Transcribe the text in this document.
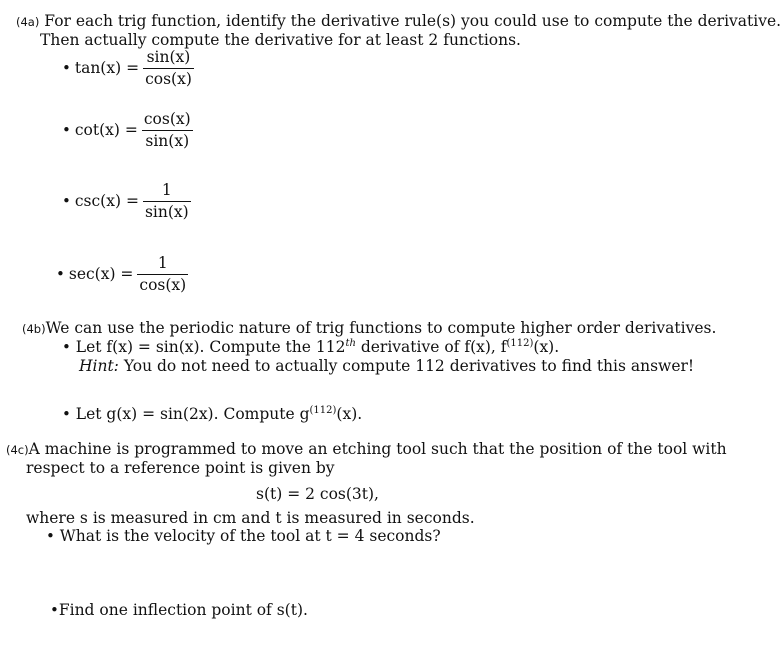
(4a) For each trig function, identify the derivative rule(s) you could use to compute the derivative.
Then actually compute the derivative for at least 2 functions.
• $\tan(x) = \frac{\sin(x)}{\cos(x)}$
• $\cot(x) = \frac{\cos(x)}{\sin(x)}$
• $\csc(x) = \frac{1}{\sin(x)}$
• $\sec(x) = \frac{1}{\cos(x)}$
(4b)We can use the periodic nature of trig functions to compute higher order derivatives.
• Let f(x) = sin(x). Compute the 112th derivative of f(x), $f^{(112)}(x)$.
Hint: You do not need to actually compute 112 derivatives to find this answer!
• Let g(x) = sin(2x). Compute $g^{(112)}(x)$.
(4c)A machine is programmed to move an etching tool such that the position of the tool with
respect to a reference point is given by
s(t) = 2 cos(3t),
where s is measured in cm and t is measured in seconds.
• What is the velocity of the tool at t = 4 seconds?
•Find one inflection point of s(t).
